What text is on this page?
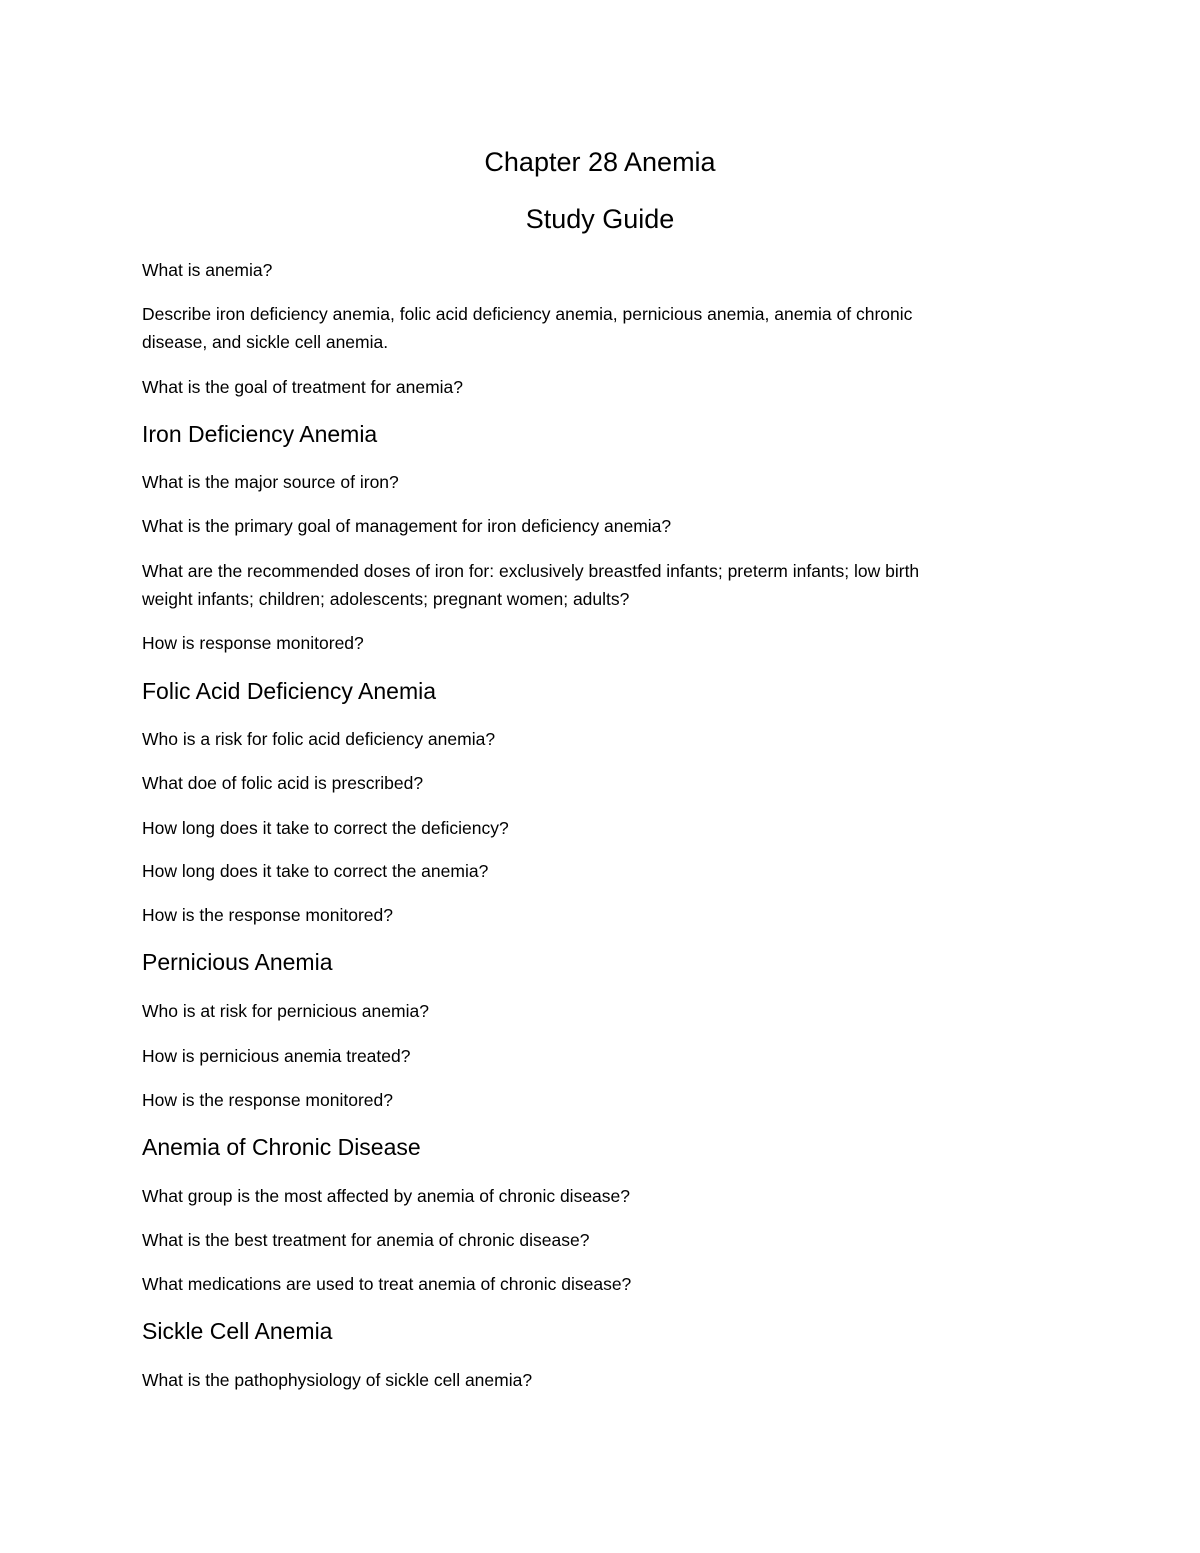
Chapter 28 Anemia
Study Guide

What is anemia?

Describe iron deficiency anemia, folic acid deficiency anemia, pernicious anemia, anemia of chronic

disease, and sickle cell anemia.

What is the goal of treatment for anemia?

Iron Deficiency Anemia

What is the major source of iron?

What is the primary goal of management for iron deficiency anemia?

What are the recommended doses of iron for: exclusively breastfed infants; preterm infants; low birth

weight infants; children; adolescents; pregnant women; adults?

How is response monitored?

Folic Acid Deficiency Anemia

Who is a risk for folic acid deficiency anemia?

What doe of folic acid is prescribed?

How long does it take to correct the deficiency?

How long does it take to correct the anemia?

How is the response monitored?

Pernicious Anemia

Who is at risk for pernicious anemia?

How is pernicious anemia treated?

How is the response monitored?

Anemia of Chronic Disease

What group is the most affected by anemia of chronic disease?

What is the best treatment for anemia of chronic disease?

What medications are used to treat anemia of chronic disease?

Sickle Cell Anemia

What is the pathophysiology of sickle cell anemia?
